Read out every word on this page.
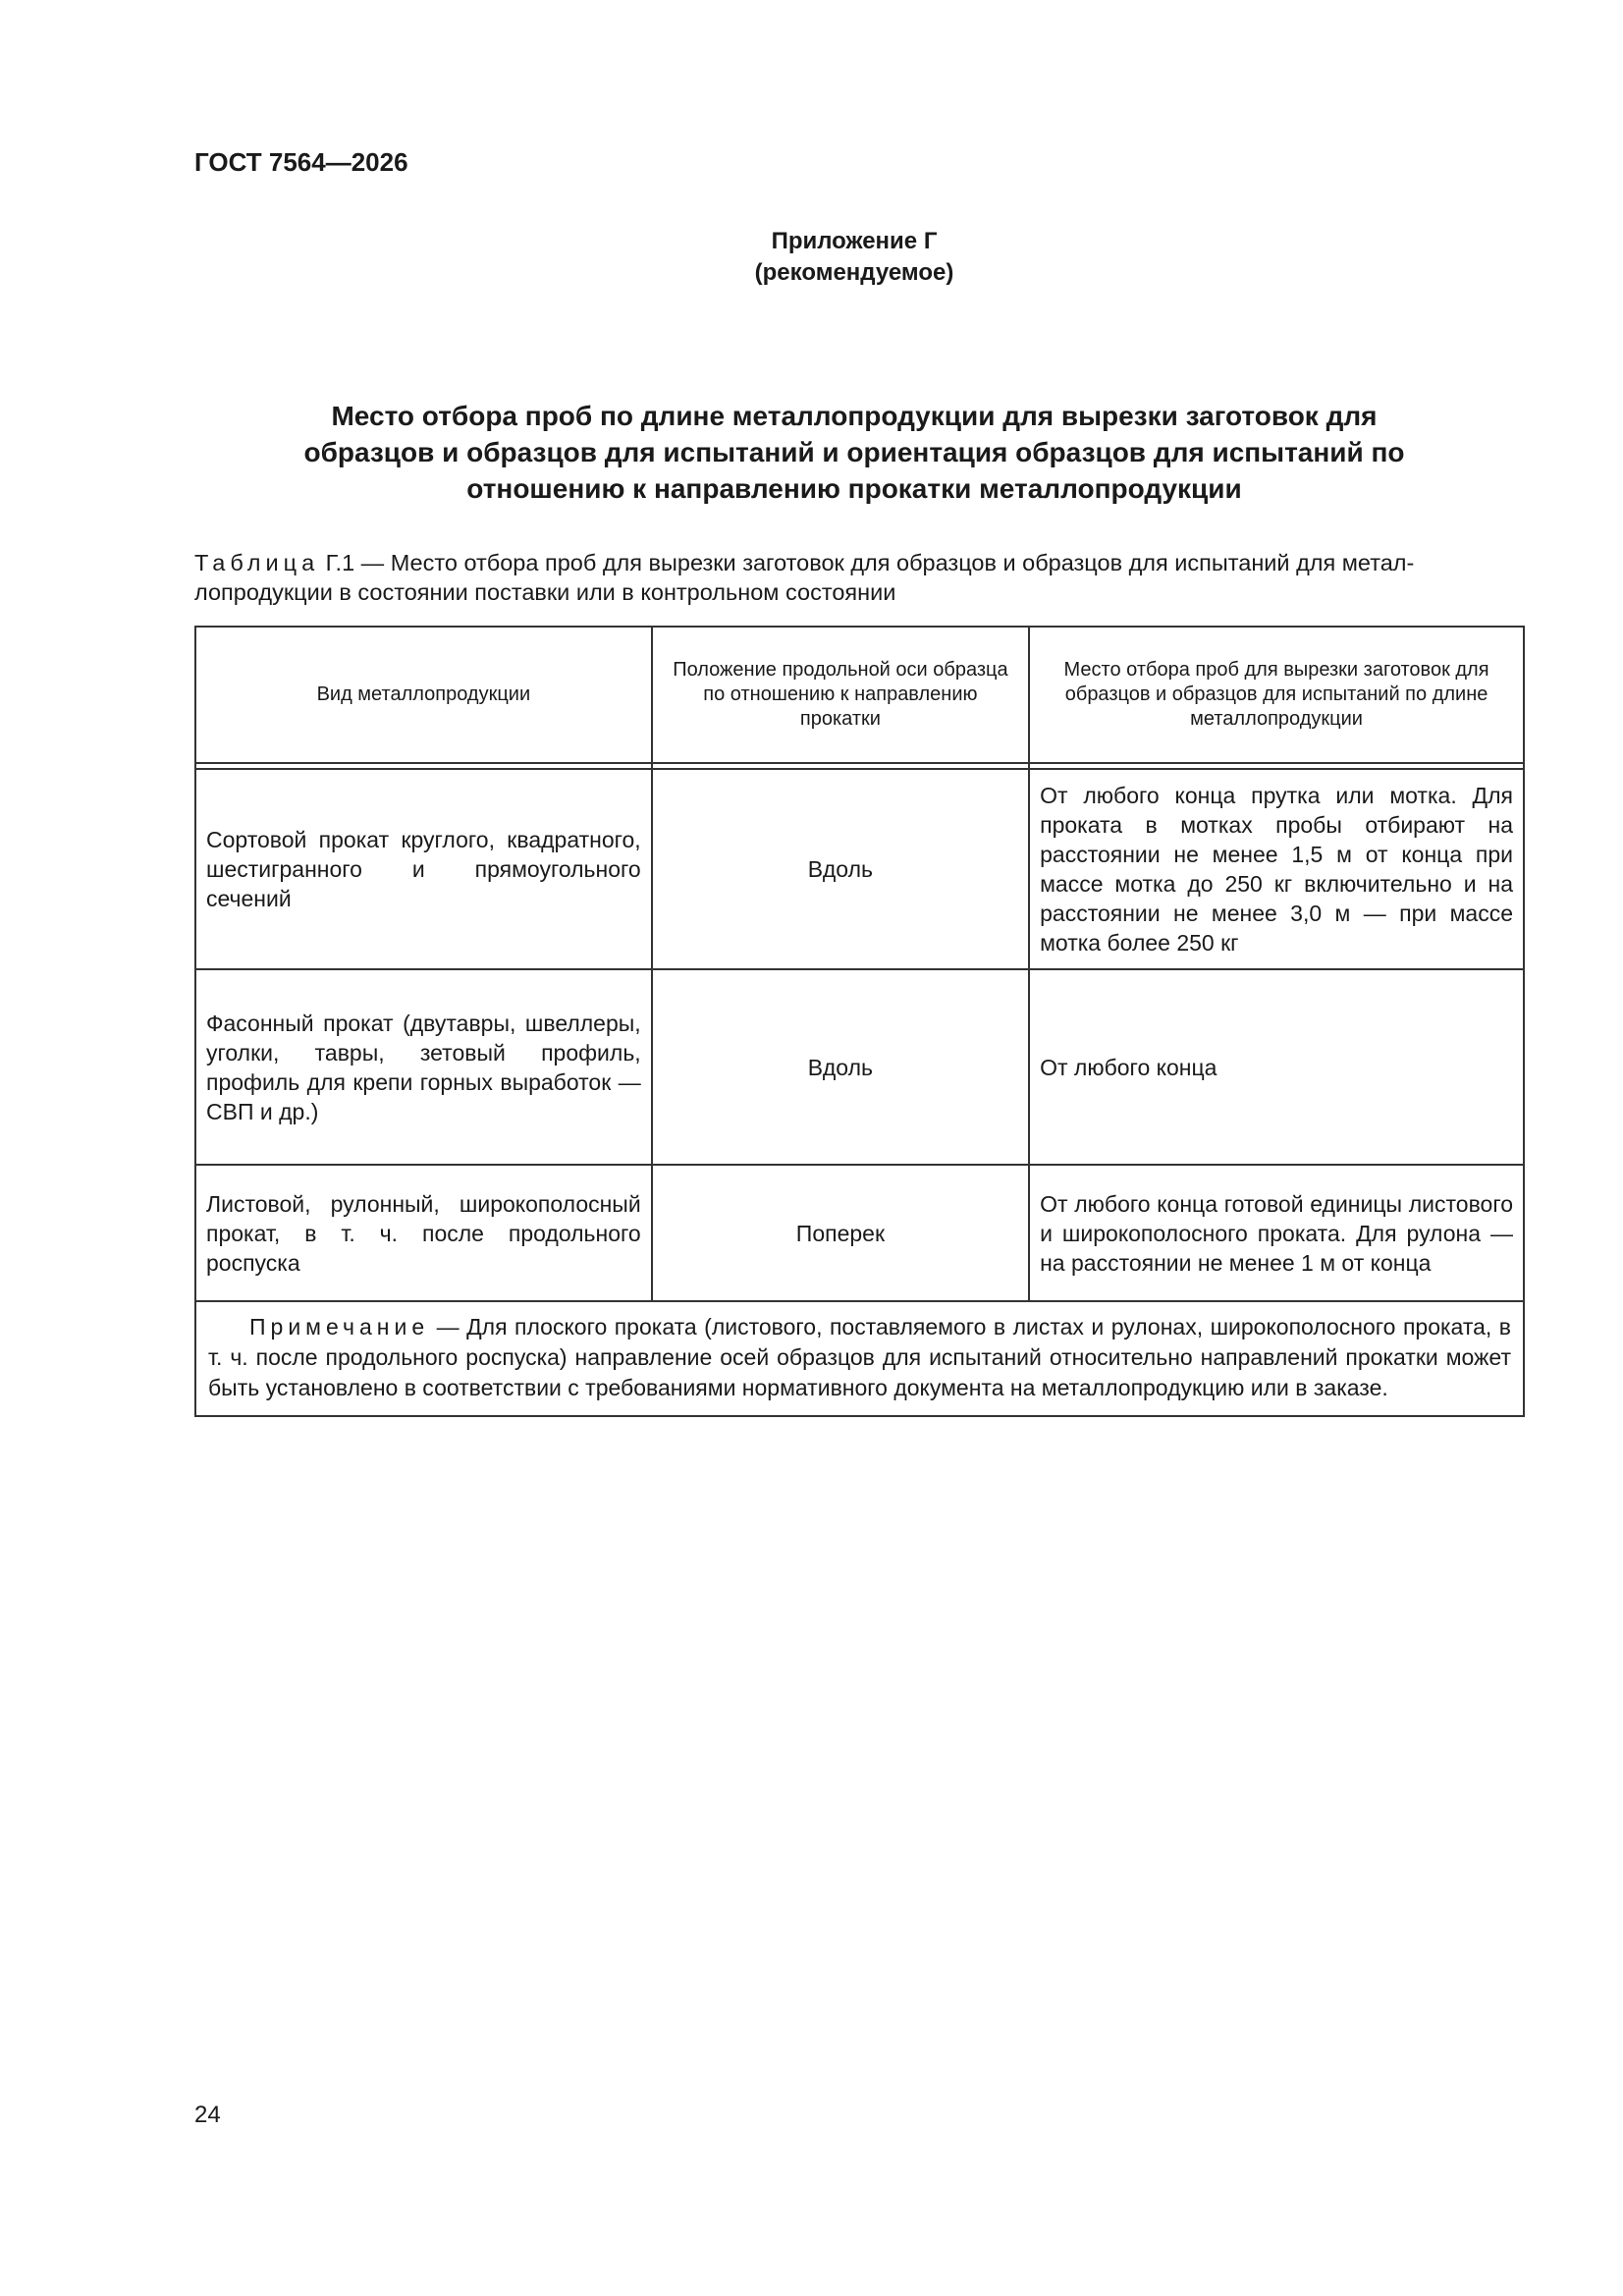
ГОСТ 7564—2026
Приложение Г
(рекомендуемое)
Место отбора проб по длине металлопродукции для вырезки заготовок для
образцов и образцов для испытаний и ориентация образцов для испытаний по
отношению к направлению прокатки металлопродукции
Таблица Г.1 — Место отбора проб для вырезки заготовок для образцов и образцов для испытаний для метал-
лопродукции в состоянии поставки или в контрольном состоянии
Вид металлопродукции	Положение продольной оси образца по отношению к направлению прокатки	Место отбора проб для вырезки заготовок для образцов и образцов для испытаний по длине металлопродукции

Сортовой прокат круглого, квадратного, шестигранного и прямоугольного сечений	Вдоль	От любого конца прутка или мотка. Для проката в мотках пробы отбирают на расстоянии не менее 1,5 м от конца при массе мотка до 250 кг включительно и на расстоянии не менее 3,0 м — при массе мотка более 250 кг
Фасонный прокат (двутавры, швеллеры, уголки, тавры, зетовый профиль, профиль для крепи горных выработок — СВП и др.)	Вдоль	От любого конца
Листовой, рулонный, широкополосный прокат, в т. ч. после продольного роспуска	Поперек	От любого конца готовой единицы листового и широкополосного проката. Для рулона — на расстоянии не менее 1 м от конца
Примечание — Для плоского проката (листового, поставляемого в листах и рулонах, широкополосного проката, в т. ч. после продольного роспуска) направление осей образцов для испытаний относительно направлений прокатки может быть установлено в соответствии с требованиями нормативного документа на металлопродукцию или в заказе.		
24
